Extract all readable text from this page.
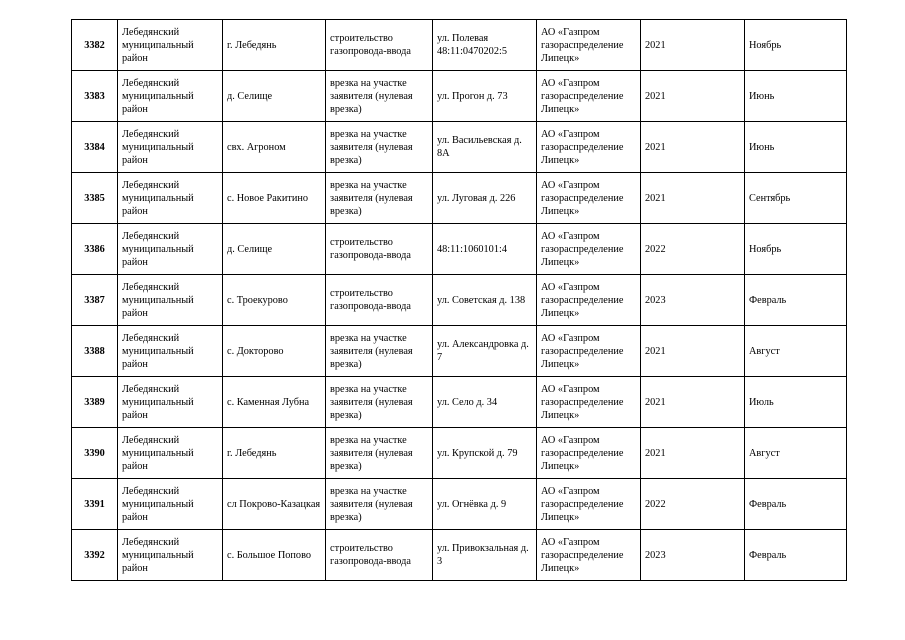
3382	Лебедянский муниципальный район	г. Лебедянь	строительство газопровода-ввода	ул. Полевая 48:11:0470202:5	АО «Газпром газораспределение Липецк»	2021	Ноябрь
3383	Лебедянский муниципальный район	д. Селище	врезка на участке заявителя (нулевая врезка)	ул. Прогон д. 73	АО «Газпром газораспределение Липецк»	2021	Июнь
3384	Лебедянский муниципальный район	свх. Агроном	врезка на участке заявителя (нулевая врезка)	ул. Васильевская д. 8А	АО «Газпром газораспределение Липецк»	2021	Июнь
3385	Лебедянский муниципальный район	с. Новое Ракитино	врезка на участке заявителя (нулевая врезка)	ул. Луговая д. 226	АО «Газпром газораспределение Липецк»	2021	Сентябрь
3386	Лебедянский муниципальный район	д. Селище	строительство газопровода-ввода	48:11:1060101:4	АО «Газпром газораспределение Липецк»	2022	Ноябрь
3387	Лебедянский муниципальный район	с. Троекурово	строительство газопровода-ввода	ул. Советская д. 138	АО «Газпром газораспределение Липецк»	2023	Февраль
3388	Лебедянский муниципальный район	с. Докторово	врезка на участке заявителя (нулевая врезка)	ул. Александровка д. 7	АО «Газпром газораспределение Липецк»	2021	Август
3389	Лебедянский муниципальный район	с. Каменная Лубна	врезка на участке заявителя (нулевая врезка)	ул. Село д. 34	АО «Газпром газораспределение Липецк»	2021	Июль
3390	Лебедянский муниципальный район	г. Лебедянь	врезка на участке заявителя (нулевая врезка)	ул. Крупской д. 79	АО «Газпром газораспределение Липецк»	2021	Август
3391	Лебедянский муниципальный район	сл Покрово-Казацкая	врезка на участке заявителя (нулевая врезка)	ул. Огнёвка д. 9	АО «Газпром газораспределение Липецк»	2022	Февраль
3392	Лебедянский муниципальный район	с. Большое Попово	строительство газопровода-ввода	ул. Привокзальная д. 3	АО «Газпром газораспределение Липецк»	2023	Февраль
